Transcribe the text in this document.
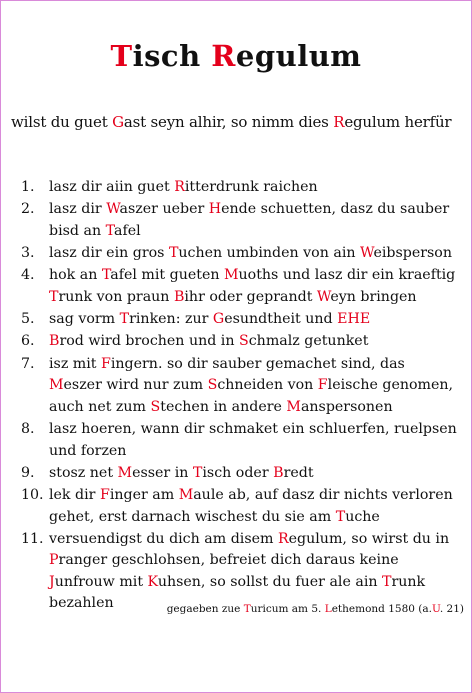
Tisch Regulum
wilst du guet Gast seyn alhir, so nimm dies Regulum herfür
1.	lasz dir aiin guet Ritterdrunk raichen
2.	lasz dir Waszer ueber Hende schuetten, dasz du sauber bisd an Tafel
3.	lasz dir ein gros Tuchen umbinden von ain Weibsperson
4.	hok an Tafel mit gueten Muoths und lasz dir ein kraeftig Trunk von praun Bihr oder geprandt Weyn bringen
5.	sag vorm Trinken: zur Gesundtheit und EHE
6.	Brod wird brochen und in Schmalz getunket
7.	isz mit Fingern. so dir sauber gemachet sind, das Meszer wird nur zum Schneiden von Fleische genomen, auch net zum Stechen in andere Manspersonen
8.	lasz hoeren, wann dir schmaket ein schluerfen, ruelpsen und forzen
9.	stosz net Messer in Tisch oder Bredt
10. lek dir Finger am Maule ab, auf dasz dir nichts verloren gehet, erst darnach wischest du sie am Tuche
11. versuendigst du dich am disem Regulum, so wirst du in Pranger geschlohsen, befreiet dich daraus keine Junfrouw mit Kuhsen, so sollst du fuer ale ain Trunk bezahlen	gegaeben zue Turicum am 5. Lethemond 1580 (a.U. 21)
